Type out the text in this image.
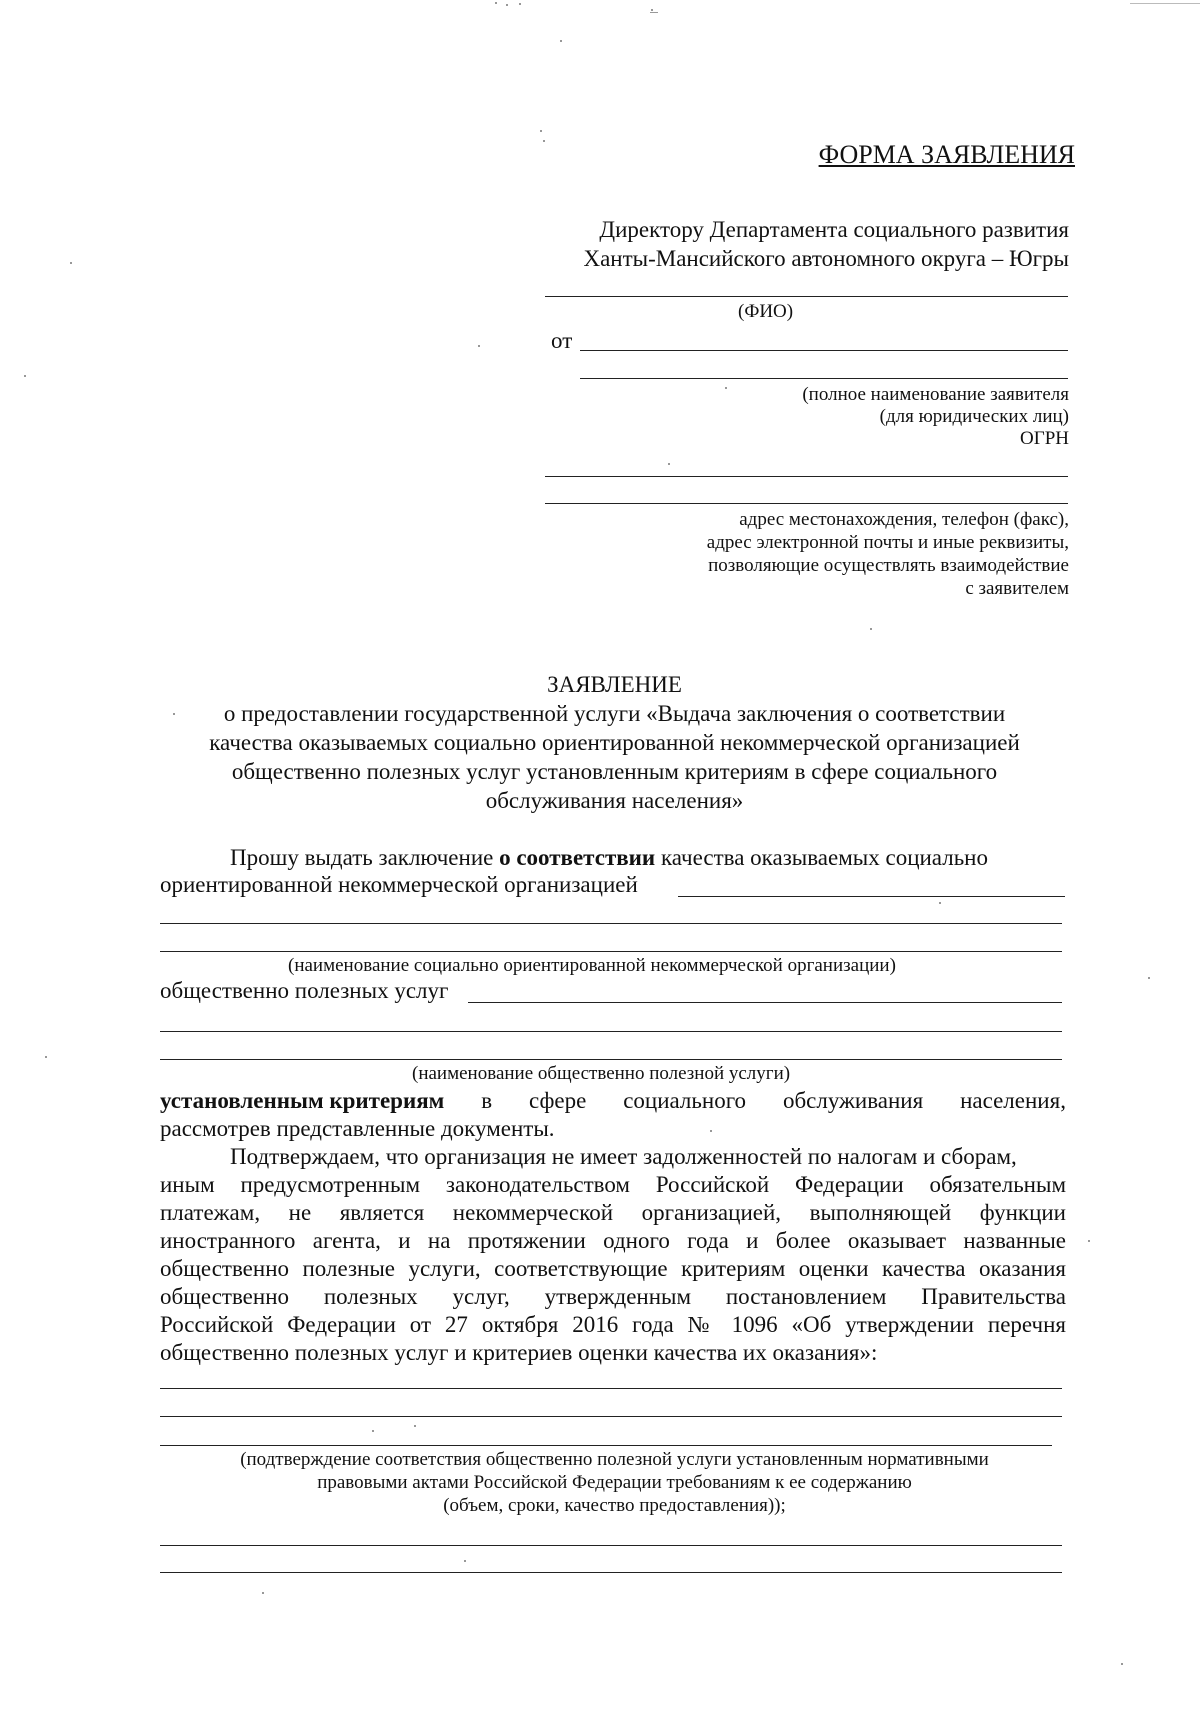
ФОРМА ЗАЯВЛЕНИЯ
Директору Департамента социального развития
Ханты-Мансийского автономного округа – Югры
(ФИО)
от
(полное наименование заявителя
(для юридических лиц)
ОГРН
адрес местонахождения, телефон (факс),
адрес электронной почты и иные реквизиты,
позволяющие осуществлять взаимодействие
с заявителем
ЗАЯВЛЕНИЕ
о предоставлении государственной услуги «Выдача заключения о соответствии
качества оказываемых социально ориентированной некоммерческой организацией
общественно полезных услуг установленным критериям в сфере социального
обслуживания населения»
Прошу выдать заключение о соответствии качества оказываемых социально
ориентированной некоммерческой организацией
(наименование социально ориентированной некоммерческой организации)
общественно полезных услуг
(наименование общественно полезной услуги)
установленным критериям в сфере социального обслуживания населения,
рассмотрев представленные документы.
Подтверждаем, что организация не имеет задолженностей по налогам и сборам,
иным предусмотренным законодательством Российской Федерации обязательным
платежам, не является некоммерческой организацией, выполняющей функции
иностранного агента, и на протяжении одного года и более оказывает названные
общественно полезные услуги, соответствующие критериям оценки качества оказания
общественно полезных услуг, утвержденным постановлением Правительства
Российской Федерации от 27 октября 2016 года № 1096 «Об утверждении перечня
общественно полезных услуг и критериев оценки качества их оказания»:
(подтверждение соответствия общественно полезной услуги установленным нормативными
правовыми актами Российской Федерации требованиям к ее содержанию
(объем, сроки, качество предоставления));
